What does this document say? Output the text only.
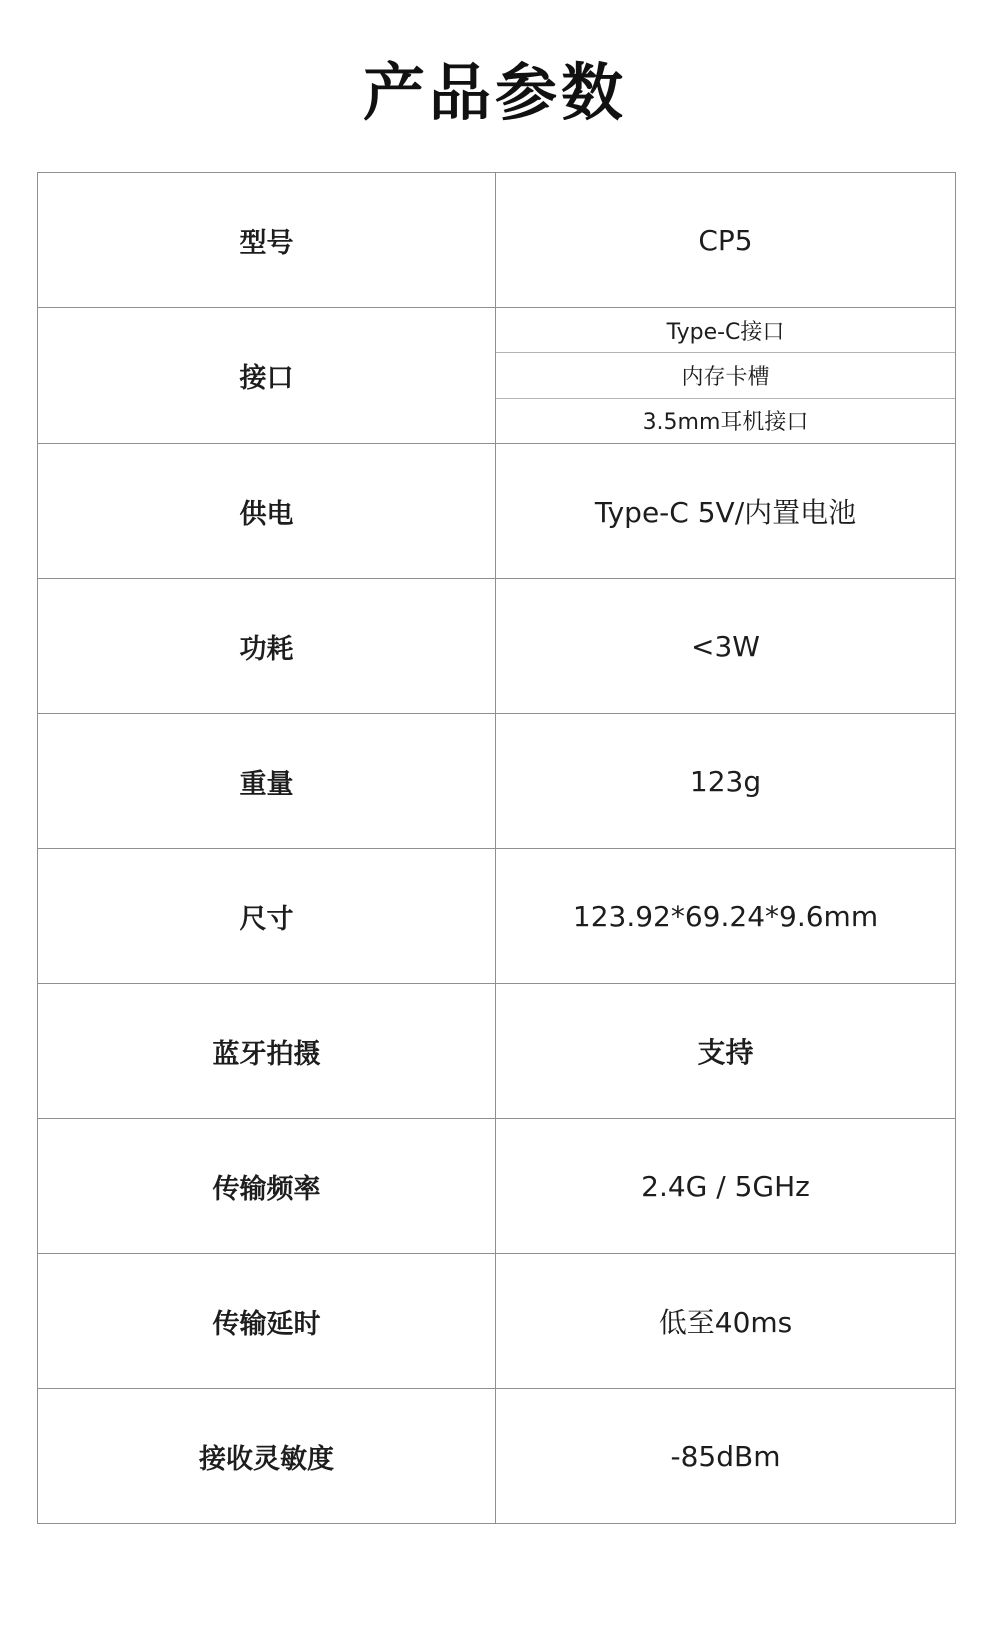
产品参数
型号	CP5
接口	Type-C接口
内存卡槽
3.5mm耳机接口

供电	Type-C 5V/内置电池
功耗	<3W
重量	123g
尺寸	123.92*69.24*9.6mm
蓝牙拍摄	支持
传输频率	2.4G / 5GHz
传输延时	低至40ms
接收灵敏度	-85dBm
